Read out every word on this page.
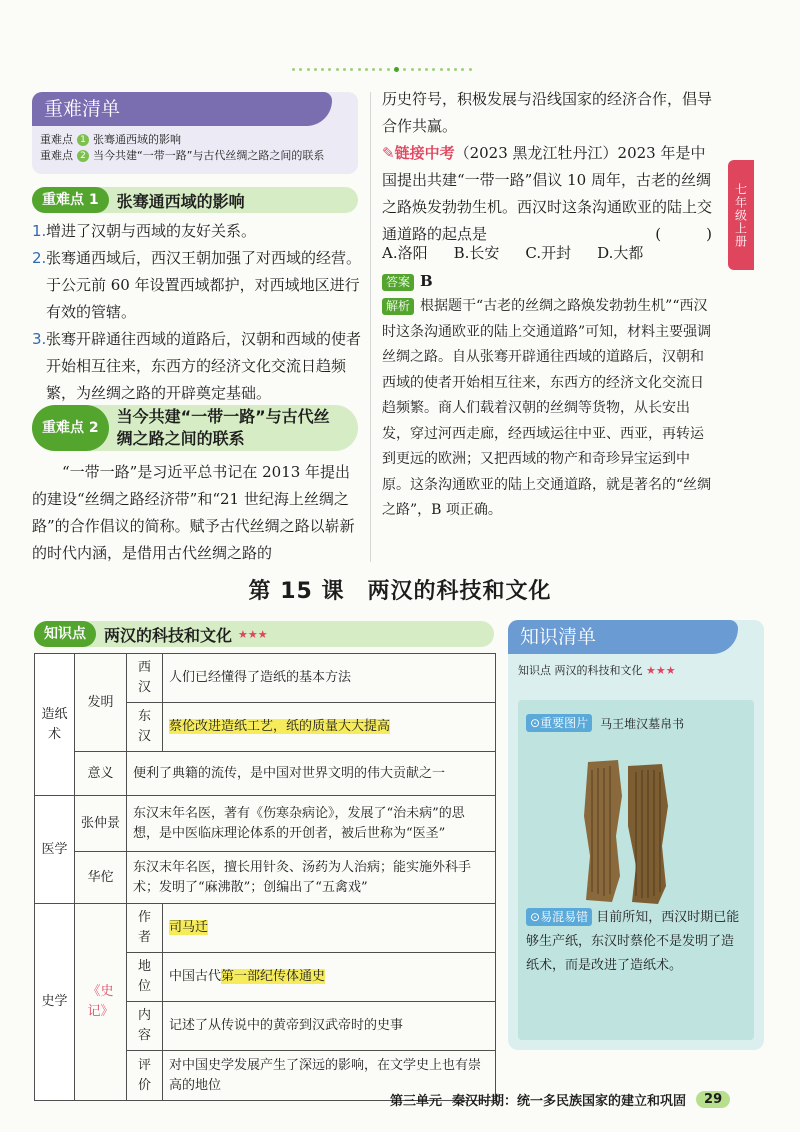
七年级上册
重难清单
重难点 1 张骞通西域的影响
重难点 2 当今共建“一带一路”与古代丝绸之路之间的联系
重难点 1	张骞通西域的影响
1. 增进了汉朝与西域的友好关系。
2. 张骞通西域后，西汉王朝加强了对西域的经营。于公元前 60 年设置西域都护，对西域地区进行有效的管辖。
3. 张骞开辟通往西域的道路后，汉朝和西域的使者开始相互往来，东西方的经济文化交流日趋频繁，为丝绸之路的开辟奠定基础。
重难点 2
当今共建“一带一路”与古代丝
绸之路之间的联系
“一带一路”是习近平总书记在 2013 年提出的建设“丝绸之路经济带”和“21 世纪海上丝绸之路”的合作倡议的简称。赋予古代丝绸之路以崭新的时代内涵，是借用古代丝绸之路的
历史符号，积极发展与沿线国家的经济合作，倡导合作共赢。
✎链接中考（2023 黑龙江牡丹江）2023 年是中国提出共建“一带一路”倡议 10 周年，古老的丝绸之路焕发勃勃生机。西汉时这条沟通欧亚的陆上交通道路的起点是	(　　　)
A.洛阳 B.长安 C.开封 D.大都
答案 B
解析 根据题干“古老的丝绸之路焕发勃勃生机”“西汉时这条沟通欧亚的陆上交通道路”可知，材料主要强调丝绸之路。自从张骞开辟通往西域的道路后，汉朝和西域的使者开始相互往来，东西方的经济文化交流日趋频繁。商人们载着汉朝的丝绸等货物，从长安出发，穿过河西走廊，经西域运往中亚、西亚，再转运到更远的欧洲；又把西域的物产和奇珍异宝运到中原。这条沟通欧亚的陆上交通道路，就是著名的“丝绸之路”，B 项正确。
第 15 课　两汉的科技和文化
知识点	两汉的科技和文化 ★★★
造纸术	发明	西汉	人们已经懂得了造纸的基本方法
		东汉	蔡伦改进造纸工艺，纸的质量大大提高
	意义	便利了典籍的流传，是中国对世界文明的伟大贡献之一	
医学	张仲景	东汉末年名医，著有《伤寒杂病论》，发展了“治未病”的思想，是中医临床理论体系的开创者，被后世称为“医圣”	
	华佗	东汉末年名医，擅长用针灸、汤药为人治病；能实施外科手术；发明了“麻沸散”；创编出了“五禽戏”	
史学	《史记》	作者	司马迁
		地位	中国古代第一部纪传体通史
		内容	记述了从传说中的黄帝到汉武帝时的史事
		评价	对中国史学发展产生了深远的影响，在文学史上也有崇高的地位
知识清单
知识点 两汉的科技和文化 ★★★
⊙重要图片	马王堆汉墓帛书
⊙易混易错 目前所知，西汉时期已能够生产纸，东汉时蔡伦不是发明了造纸术，而是改进了造纸术。
第三单元 秦汉时期：统一多民族国家的建立和巩固	29
